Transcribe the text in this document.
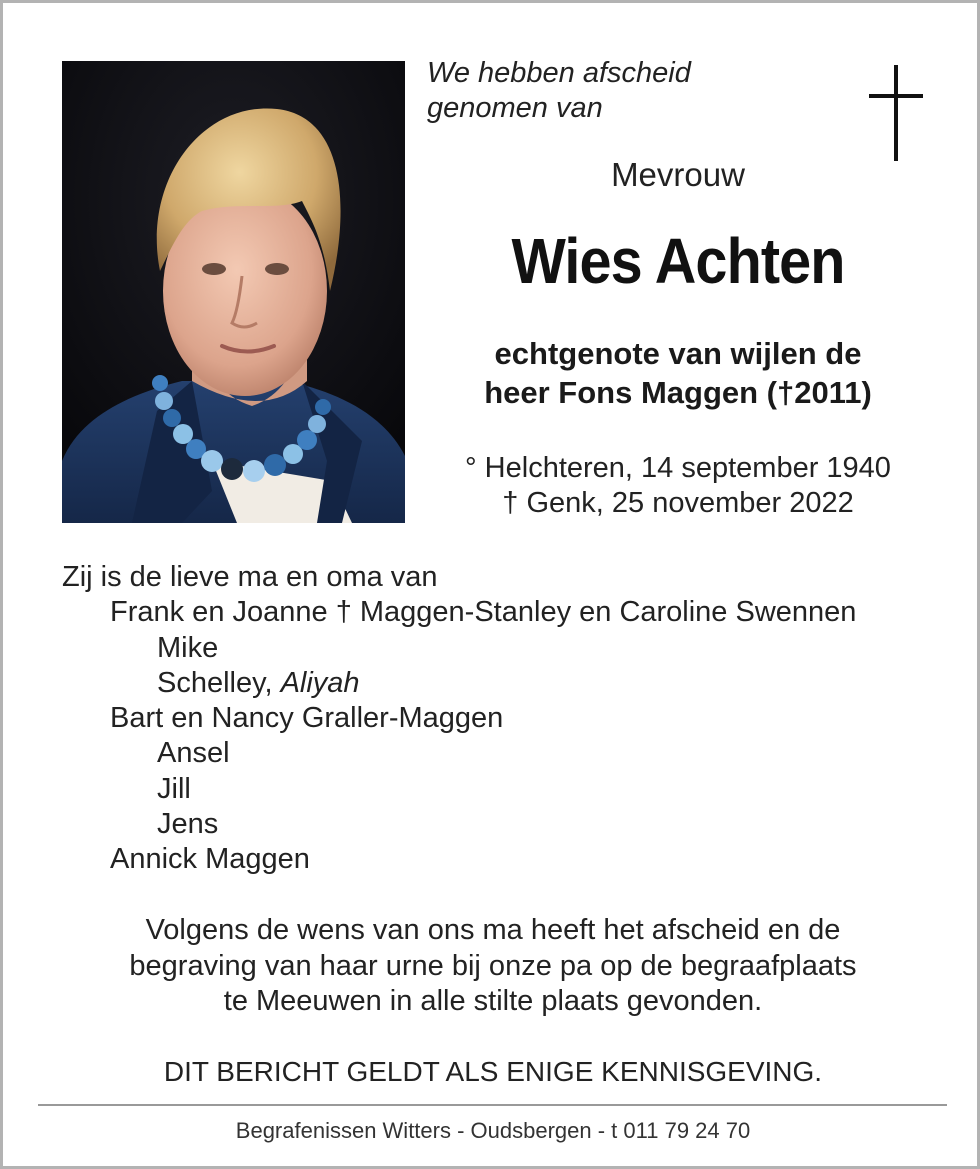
We hebben afscheid
genomen van
Mevrouw
Wies Achten
echtgenote van wijlen de
heer Fons Maggen (†2011)
° Helchteren, 14 september 1940
† Genk, 25 november 2022
Zij is de lieve ma en oma van
Frank en Joanne † Maggen-Stanley en Caroline Swennen
Mike
Schelley, Aliyah
Bart en Nancy Graller-Maggen
Ansel
Jill
Jens
Annick Maggen
Volgens de wens van ons ma heeft het afscheid en de
begraving van haar urne bij onze pa op de begraafplaats
te Meeuwen in alle stilte plaats gevonden.
DIT BERICHT GELDT ALS ENIGE KENNISGEVING.
Begrafenissen Witters - Oudsbergen - t 011 79 24 70
